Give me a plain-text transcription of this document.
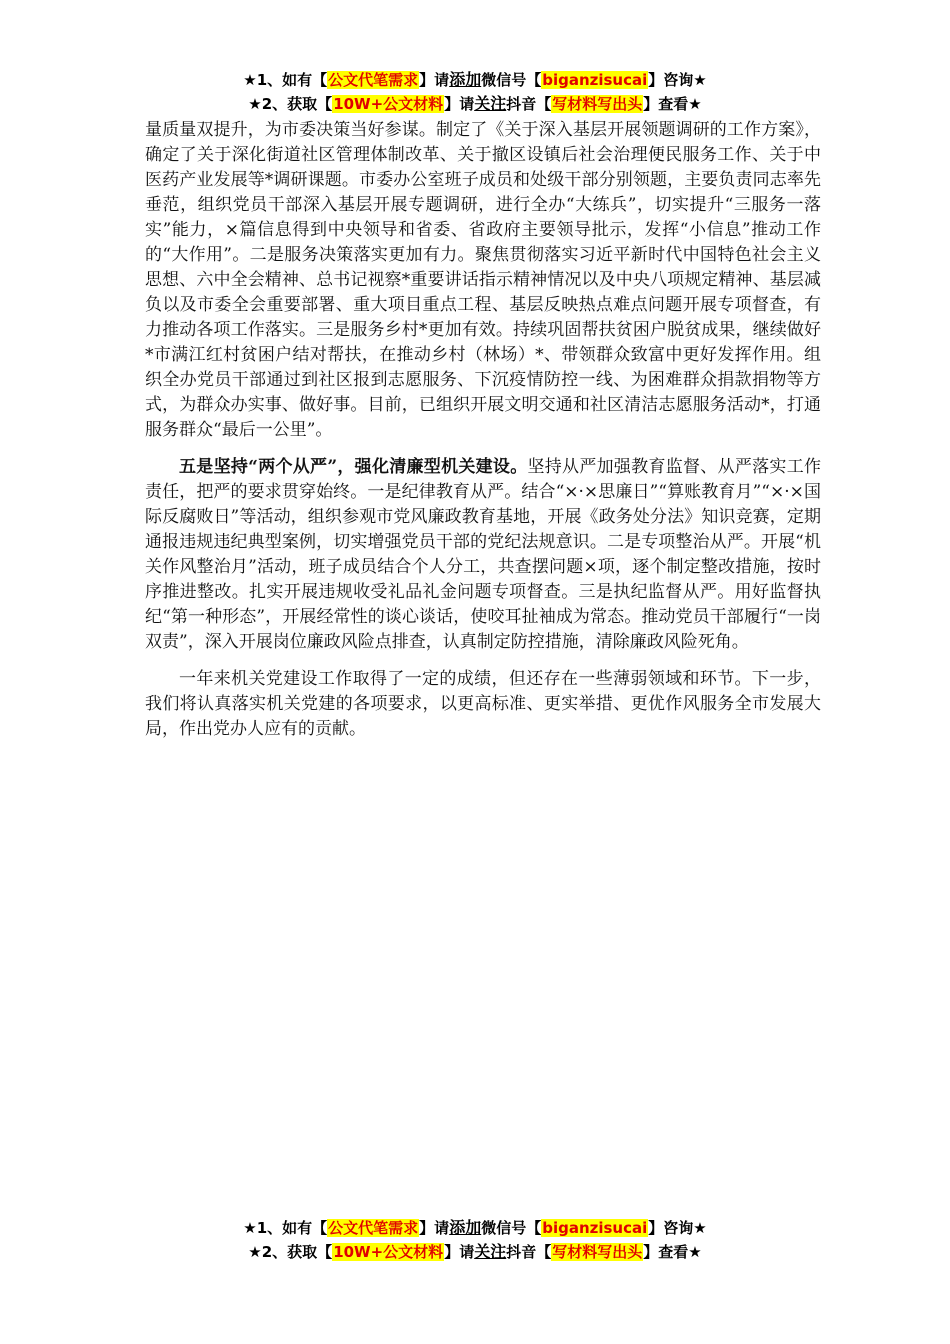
★1、如有【公文代笔需求】请添加微信号【biganzisucai】咨询★
★2、获取【10W+公文材料】请关注抖音【写材料写出头】查看★

量质量双提升，为市委决策当好参谋。制定了《关于深入基层开展领题调研的工作方案》，确定了关于深化街道社区管理体制改革、关于撤区设镇后社会治理便民服务工作、关于中医药产业发展等*调研课题。市委办公室班子成员和处级干部分别领题，主要负责同志率先垂范，组织党员干部深入基层开展专题调研，进行全办“大练兵”，切实提升“三服务一落实”能力，×篇信息得到中央领导和省委、省政府主要领导批示，发挥“小信息”推动工作的“大作用”。二是服务决策落实更加有力。聚焦贯彻落实习近平新时代中国特色社会主义思想、六中全会精神、总书记视察*重要讲话指示精神情况以及中央八项规定精神、基层减负以及市委全会重要部署、重大项目重点工程、基层反映热点难点问题开展专项督查，有力推动各项工作落实。三是服务乡村*更加有效。持续巩固帮扶贫困户脱贫成果，继续做好*市满江红村贫困户结对帮扶，在推动乡村（林场）*、带领群众致富中更好发挥作用。组织全办党员干部通过到社区报到志愿服务、下沉疫情防控一线、为困难群众捐款捐物等方式，为群众办实事、做好事。目前，已组织开展文明交通和社区清洁志愿服务活动*，打通服务群众“最后一公里”。

五是坚持“两个从严”，强化清廉型机关建设。坚持从严加强教育监督、从严落实工作责任，把严的要求贯穿始终。一是纪律教育从严。结合“×·×思廉日”“算账教育月”“×·×国际反腐败日”等活动，组织参观市党风廉政教育基地，开展《政务处分法》知识竞赛，定期通报违规违纪典型案例，切实增强党员干部的党纪法规意识。二是专项整治从严。开展“机关作风整治月”活动，班子成员结合个人分工，共查摆问题×项，逐个制定整改措施，按时序推进整改。扎实开展违规收受礼品礼金问题专项督查。三是执纪监督从严。用好监督执纪“第一种形态”，开展经常性的谈心谈话，使咬耳扯袖成为常态。推动党员干部履行“一岗双责”，深入开展岗位廉政风险点排查，认真制定防控措施，清除廉政风险死角。

一年来机关党建设工作取得了一定的成绩，但还存在一些薄弱领域和环节。下一步，我们将认真落实机关党建的各项要求，以更高标准、更实举措、更优作风服务全市发展大局，作出党办人应有的贡献。

★1、如有【公文代笔需求】请添加微信号【biganzisucai】咨询★
★2、获取【10W+公文材料】请关注抖音【写材料写出头】查看★
